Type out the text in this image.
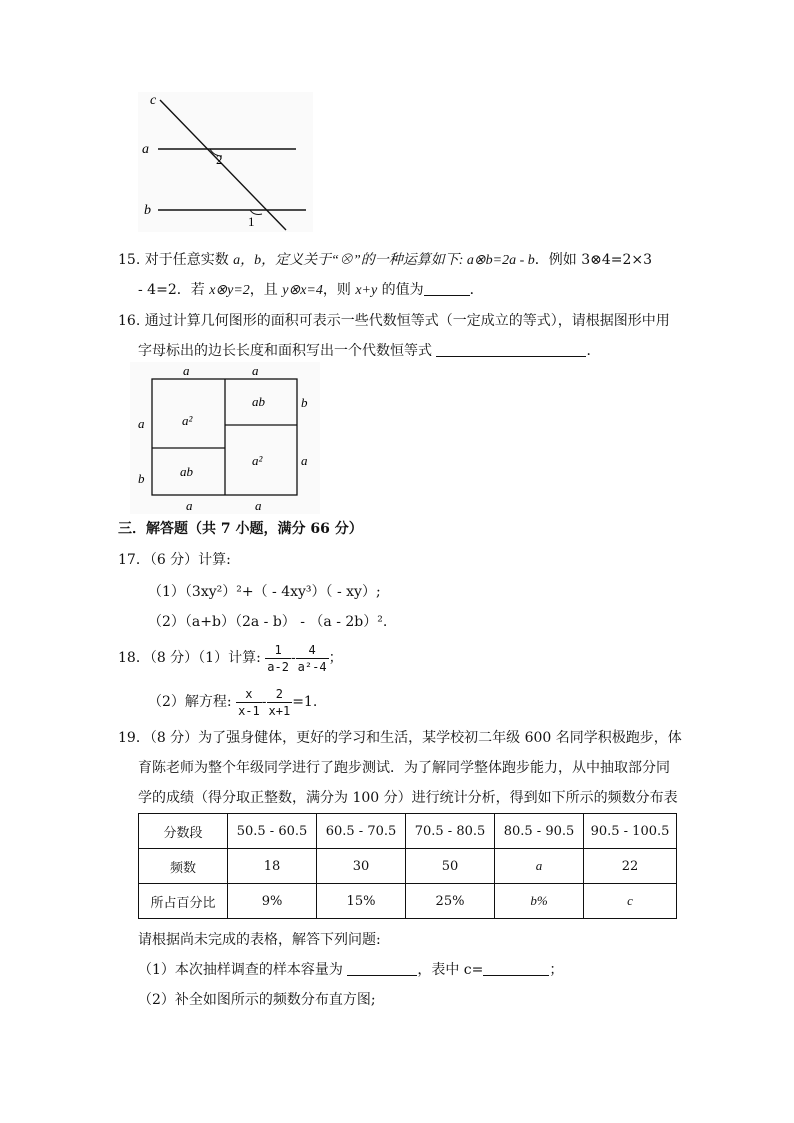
c
a
b
2
1
15. 对于任意实数 a，b，定义关于“⊗”的一种运算如下: a⊗b=2a - b．例如 3⊗4=2×3
- 4=2．若 x⊗y=2，且 y⊗x=4，则 x+y 的值为	．
16. 通过计算几何图形的面积可表示一些代数恒等式（一定成立的等式），请根据图形中用
字母标出的边长长度和面积写出一个代数恒等式	．
a	a
a
b
b
a
a	a
a²
ab
ab
a²
三．解答题（共 7 小题，满分 66 分）
17．（6 分）计算:
（1）（3xy²）²+（ - 4xy³）（ - xy）;
（2）（a+b）（2a - b） - （a - 2b）².
18．（8 分）（1）计算: $\frac{1}{a-2} - \frac{4}{\text{a²-4}}$ ；
（2）解方程: $\frac{x}{x-1} - \frac{2}{x+1} =1$.
19．（8 分）为了强身健体，更好的学习和生活，某学校初二年级 600 名同学积极跑步，体
育陈老师为整个年级同学进行了跑步测试．为了解同学整体跑步能力，从中抽取部分同
学的成绩（得分取正整数，满分为 100 分）进行统计分析，得到如下所示的频数分布表
分数段	50.5 - 60.5	60.5 - 70.5	70.5 - 80.5	80.5 - 90.5	90.5 - 100.5
频数	18	30	50	a	22
所占百分比	9%	15%	25%	b%	c
请根据尚未完成的表格，解答下列问题:
（1）本次抽样调查的样本容量为	，表中 c=	；
（2）补全如图所示的频数分布直方图;
